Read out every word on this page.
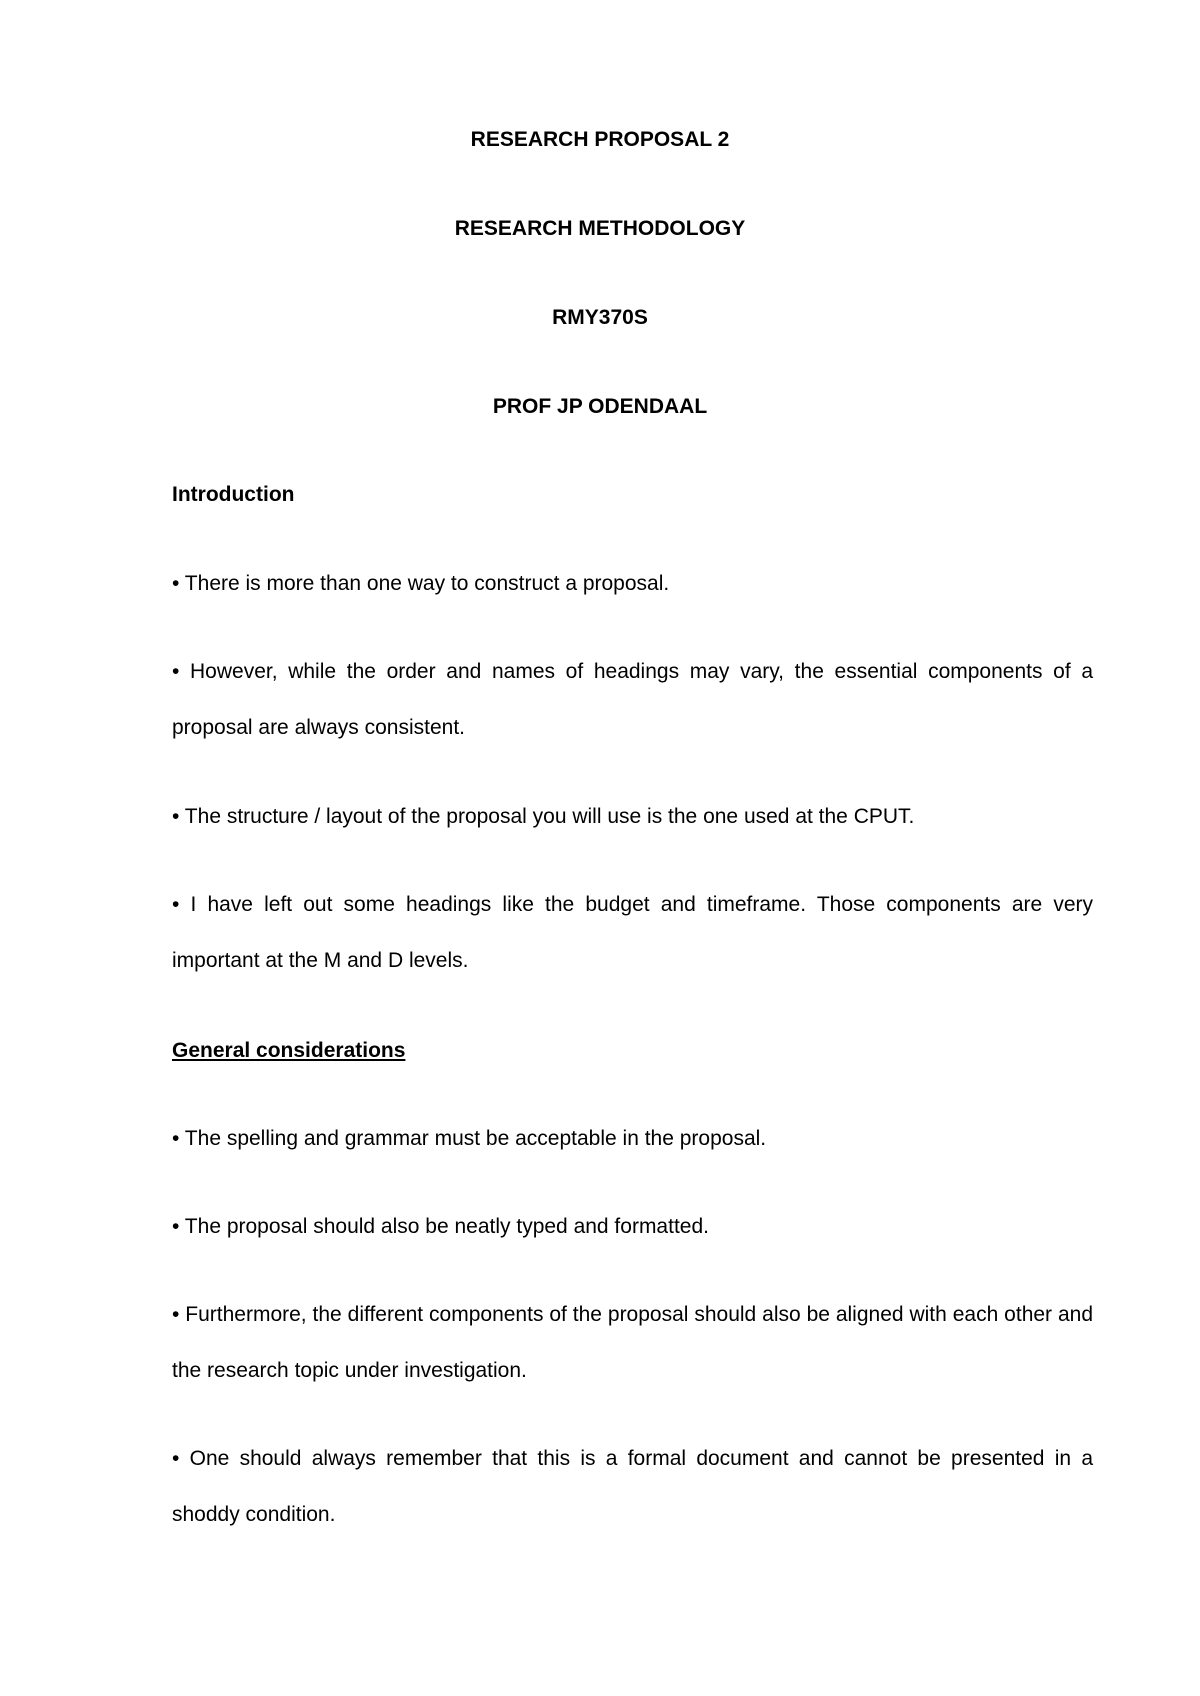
RESEARCH PROPOSAL 2

RESEARCH METHODOLOGY

RMY370S

PROF JP ODENDAAL

Introduction

• There is more than one way to construct a proposal.

• However, while the order and names of headings may vary, the essential components of a proposal are always consistent.

• The structure / layout of the proposal you will use is the one used at the CPUT.

• I have left out some headings like the budget and timeframe. Those components are very important at the M and D levels.

General considerations

• The spelling and grammar must be acceptable in the proposal.

• The proposal should also be neatly typed and formatted.

• Furthermore, the different components of the proposal should also be aligned with each other and the research topic under investigation.

• One should always remember that this is a formal document and cannot be presented in a shoddy condition.
